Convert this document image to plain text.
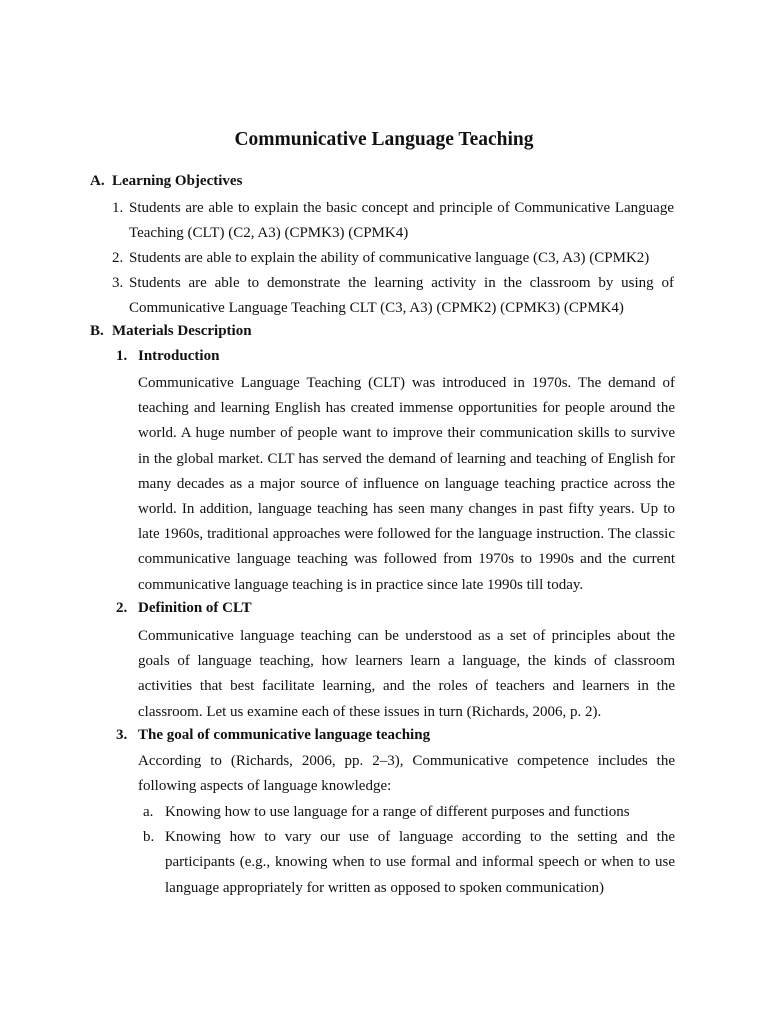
Communicative Language Teaching
A. Learning Objectives
1. Students are able to explain the basic concept and principle of Communicative Language Teaching (CLT) (C2, A3) (CPMK3) (CPMK4)
2. Students are able to explain the ability of communicative language (C3, A3) (CPMK2)
3. Students are able to demonstrate the learning activity in the classroom by using of Communicative Language Teaching CLT (C3, A3) (CPMK2) (CPMK3) (CPMK4)
B. Materials Description
1. Introduction

Communicative Language Teaching (CLT) was introduced in 1970s. The demand of teaching and learning English has created immense opportunities for people around the world. A huge number of people want to improve their communication skills to survive in the global market. CLT has served the demand of learning and teaching of English for many decades as a major source of influence on language teaching practice across the world. In addition, language teaching has seen many changes in past fifty years. Up to late 1960s, traditional approaches were followed for the language instruction. The classic communicative language teaching was followed from 1970s to 1990s and the current communicative language teaching is in practice since late 1990s till today.

2. Definition of CLT

Communicative language teaching can be understood as a set of principles about the goals of language teaching, how learners learn a language, the kinds of classroom activities that best facilitate learning, and the roles of teachers and learners in the classroom. Let us examine each of these issues in turn (Richards, 2006, p. 2).

3. The goal of communicative language teaching

According to (Richards, 2006, pp. 2–3), Communicative competence includes the following aspects of language knowledge:

a. Knowing how to use language for a range of different purposes and functions
b. Knowing how to vary our use of language according to the setting and the participants (e.g., knowing when to use formal and informal speech or when to use language appropriately for written as opposed to spoken communication)
